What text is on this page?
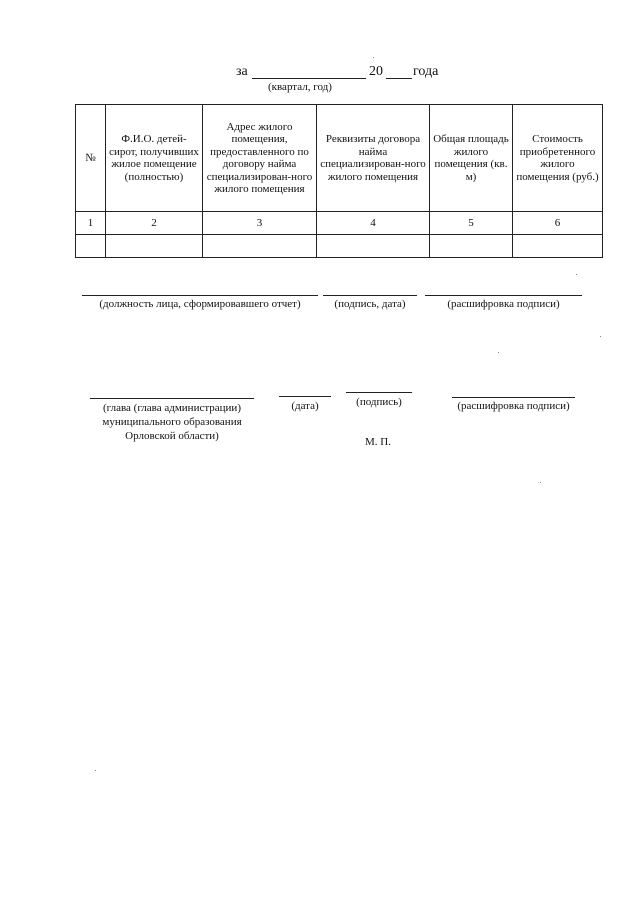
за	20 года
(квартал, год)
№	Ф.И.О. детей-сирот, получивших жилое помещение (полностью)	Адрес жилого помещения, предоставленного по договору найма специализирован-ного жилого помещения	Реквизиты договора найма специализирован-ного жилого помещения	Общая площадь жилого помещения (кв. м)	Стоимость приобретенного жилого помещения (руб.)
1	2	3	4	5	6

(должность лица, сформировавшего отчет)	(подпись, дата)	(расшифровка подписи)
(глава (глава администрации)
муниципального образования
Орловской области)
(дата)	(подпись)	(расшифровка подписи)
М. П.
